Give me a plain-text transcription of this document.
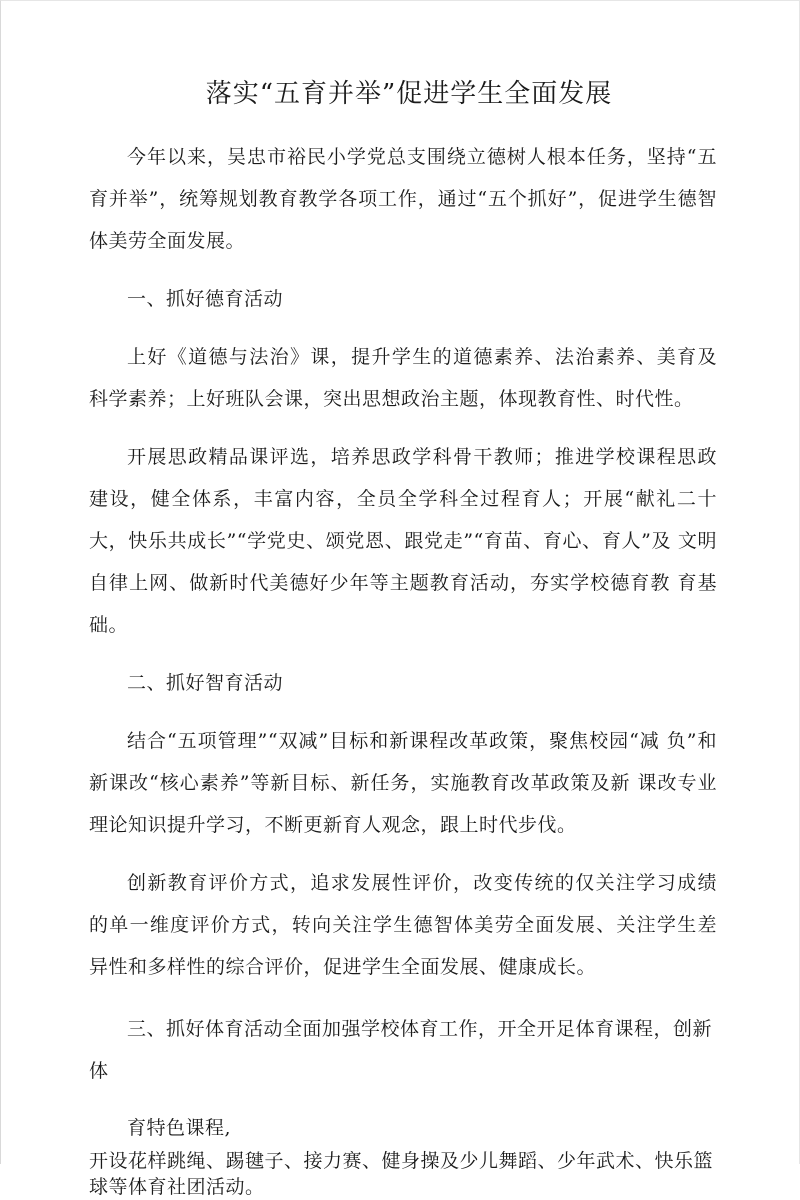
落实“五育并举”促进学生全面发展

今年以来，吴忠市裕民小学党总支围绕立德树人根本任务，坚持“五育并举”，统筹规划教育教学各项工作，通过“五个抓好”，促进学生德智体美劳全面发展。

一、抓好德育活动

上好《道德与法治》课，提升学生的道德素养、法治素养、美育及 科学素养；上好班队会课，突出思想政治主题，体现教育性、时代性。

开展思政精品课评选，培养思政学科骨干教师；推进学校课程思政 建设，健全体系，丰富内容，全员全学科全过程育人；开展“献礼二十 大，快乐共成长”“学党史、颂党恩、跟党走”“育苗、育心、育人”及 文明自律上网、做新时代美德好少年等主题教育活动，夯实学校德育教 育基础。

二、抓好智育活动

结合“五项管理”“双减”目标和新课程改革政策，聚焦校园“减 负”和新课改“核心素养”等新目标、新任务，实施教育改革政策及新 课改专业理论知识提升学习，不断更新育人观念，跟上时代步伐。

创新教育评价方式，追求发展性评价，改变传统的仅关注学习成绩 的单一维度评价方式，转向关注学生德智体美劳全面发展、关注学生差 异性和多样性的综合评价，促进学生全面发展、健康成长。

三、抓好体育活动全面加强学校体育工作，开全开足体育课程，创新体

育特色课程,

开设花样跳绳、踢毽子、接力赛、健身操及少儿舞蹈、少年武术、快乐篮球等体育社团活动。
